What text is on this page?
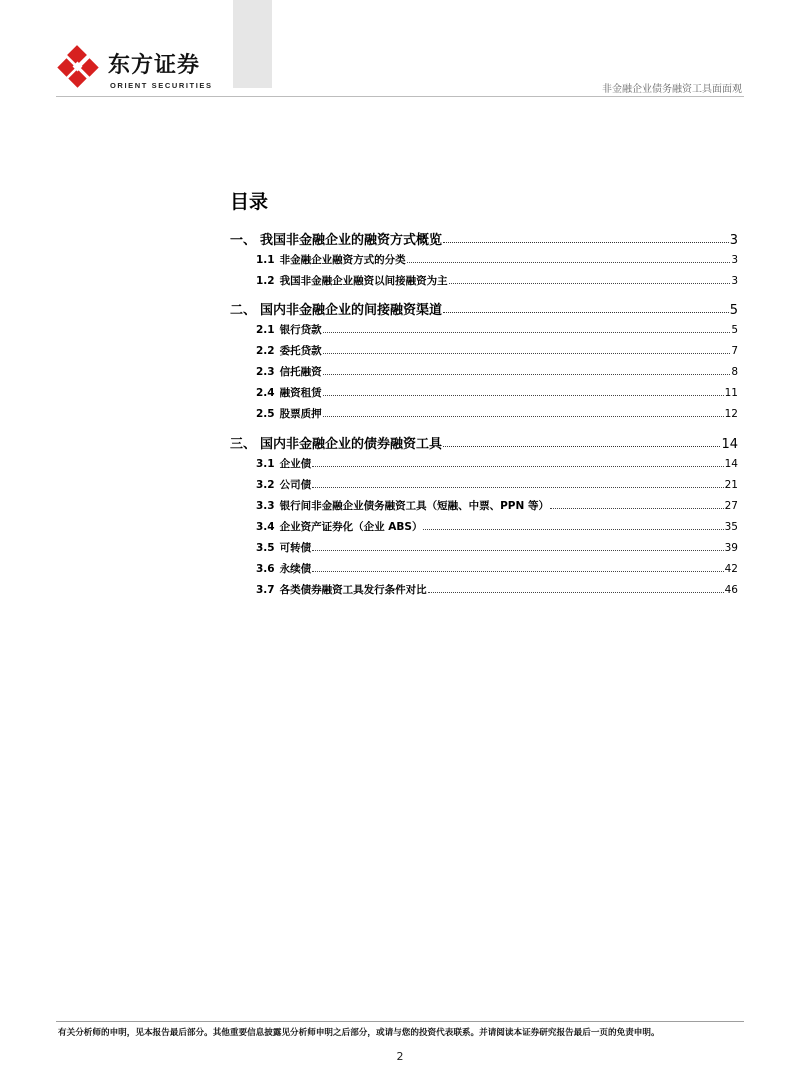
东方证券
ORIENT SECURITIES	非金融企业债务融资工具面面观
目录
一、 我国非金融企业的融资方式概览	3
1.1 非金融企业融资方式的分类	3
1.2 我国非金融企业融资以间接融资为主	3
二、 国内非金融企业的间接融资渠道	5
2.1 银行贷款	5
2.2 委托贷款	7
2.3 信托融资	8
2.4 融资租赁	11
2.5 股票质押	12
三、 国内非金融企业的债券融资工具	14
3.1 企业债	14
3.2 公司债	21
3.3 银行间非金融企业债务融资工具（短融、中票、PPN 等）	27
3.4 企业资产证券化（企业 ABS）	35
3.5 可转债	39
3.6 永续债	42
3.7 各类债券融资工具发行条件对比	46
有关分析师的申明，见本报告最后部分。其他重要信息披露见分析师申明之后部分，或请与您的投资代表联系。并请阅读本证券研究报告最后一页的免责申明。
2
